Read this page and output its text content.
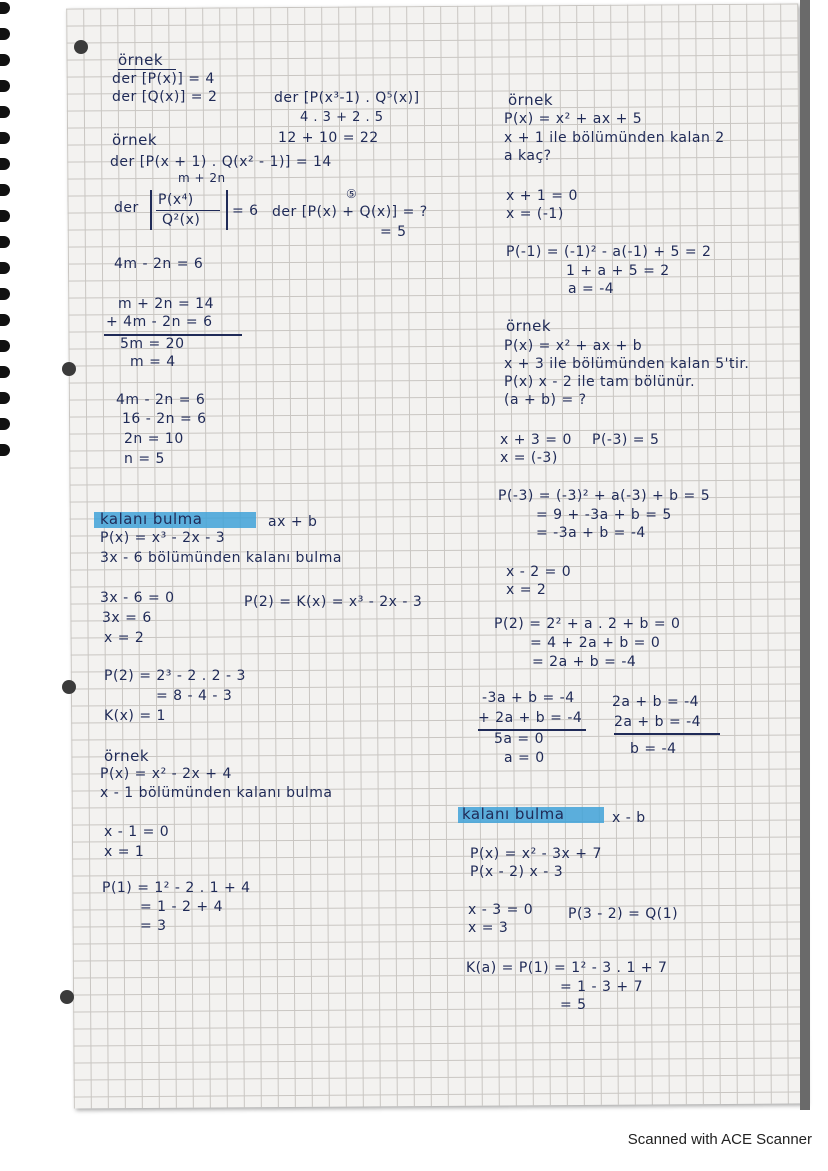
örnek
der [P(x)] = 4
der [Q(x)] = 2	der [P(x³-1) . Q⁵(x)]
4 . 3 + 2 . 5
12 + 10 = 22
örnek
der [P(x + 1) . Q(x² - 1)] = 14
m + 2n
der P(x⁴)
Q²(x)
= 6
⑤
der [P(x) + Q(x)] = ?
= 5
4m - 2n = 6
m + 2n = 14
+ 4m - 2n = 6
5m = 20
m = 4
4m - 2n = 6
16 - 2n = 6
2n = 10
n = 5
kalanı bulma	ax + b
P(x) = x³ - 2x - 3
3x - 6 bölümünden kalanı bulma
3x - 6 = 0	P(2) = K(x) = x³ - 2x - 3
3x = 6
x = 2
P(2) = 2³ - 2 . 2 - 3
= 8 - 4 - 3
K(x) = 1
örnek
P(x) = x² - 2x + 4
x - 1 bölümünden kalanı bulma
x - 1 = 0
x = 1
P(1) = 1² - 2 . 1 + 4
= 1 - 2 + 4
= 3
örnek
P(x) = x² + ax + 5
x + 1 ile bölümünden kalan 2
a kaç?
x + 1 = 0
x = (-1)
P(-1) = (-1)² - a(-1) + 5 = 2
1 + a + 5 = 2
a = -4
örnek
P(x) = x² + ax + b
x + 3 ile bölümünden kalan 5'tir.
P(x) x - 2 ile tam bölünür.
(a + b) = ?
x + 3 = 0 P(-3) = 5
x = (-3)
P(-3) = (-3)² + a(-3) + b = 5
= 9 + -3a + b = 5
= -3a + b = -4
x - 2 = 0
x = 2
P(2) = 2² + a . 2 + b = 0
= 4 + 2a + b = 0
= 2a + b = -4
-3a + b = -4	2a + b = -4
+ 2a + b = -4 2a + b = -4
5a = 0
b = -4
a = 0
kalanı bulma	x - b
P(x) = x² - 3x + 7
P(x - 2) x - 3
x - 3 = 0 P(3 - 2) = Q(1)
x = 3
K(a) = P(1) = 1² - 3 . 1 + 7
= 1 - 3 + 7
= 5
Scanned with ACE Scanner
